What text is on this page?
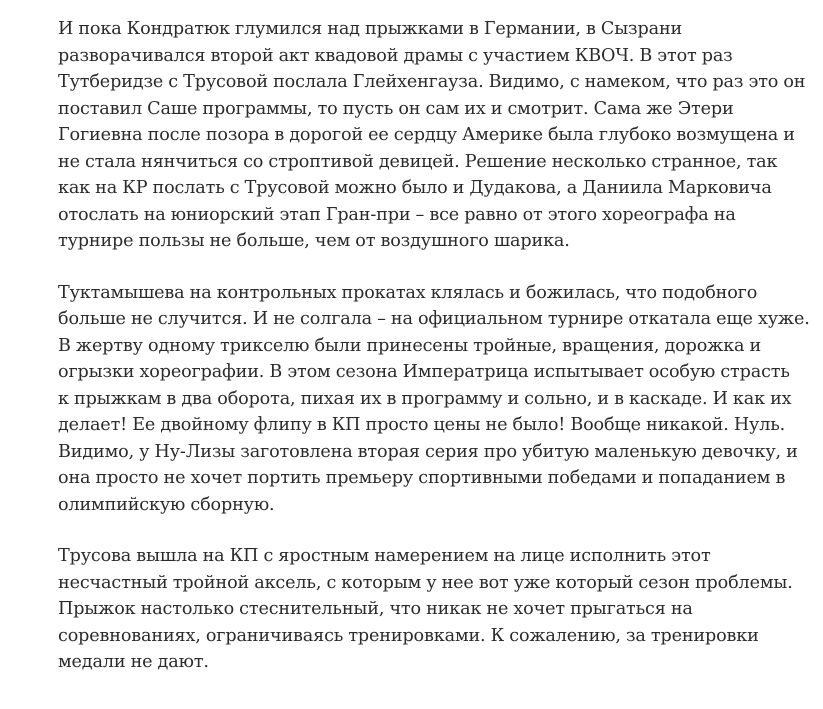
И пока Кондратюк глумился над прыжками в Германии, в Сызрани
разворачивался второй акт квадовой драмы с участием КВОЧ. В этот раз
Тутберидзе с Трусовой послала Глейхенгауза. Видимо, с намеком, что раз это он
поставил Саше программы, то пусть он сам их и смотрит. Сама же Этери
Гогиевна после позора в дорогой ее сердцу Америке была глубоко возмущена и
не стала нянчиться со строптивой девицей. Решение несколько странное, так
как на КР послать с Трусовой можно было и Дудакова, а Даниила Марковича
отослать на юниорский этап Гран-при – все равно от этого хореографа на
турнире пользы не больше, чем от воздушного шарика.

Туктамышева на контрольных прокатах клялась и божилась, что подобного
больше не случится. И не солгала – на официальном турнире откатала еще хуже.
В жертву одному трикселю были принесены тройные, вращения, дорожка и
огрызки хореографии. В этом сезона Императрица испытывает особую страсть
к прыжкам в два оборота, пихая их в программу и сольно, и в каскаде. И как их
делает! Ее двойному флипу в КП просто цены не было! Вообще никакой. Нуль.
Видимо, у Ну-Лизы заготовлена вторая серия про убитую маленькую девочку, и
она просто не хочет портить премьеру спортивными победами и попаданием в
олимпийскую сборную.

Трусова вышла на КП с яростным намерением на лице исполнить этот
несчастный тройной аксель, с которым у нее вот уже который сезон проблемы.
Прыжок настолько стеснительный, что никак не хочет прыгаться на
соревнованиях, ограничиваясь тренировками. К сожалению, за тренировки
медали не дают.
